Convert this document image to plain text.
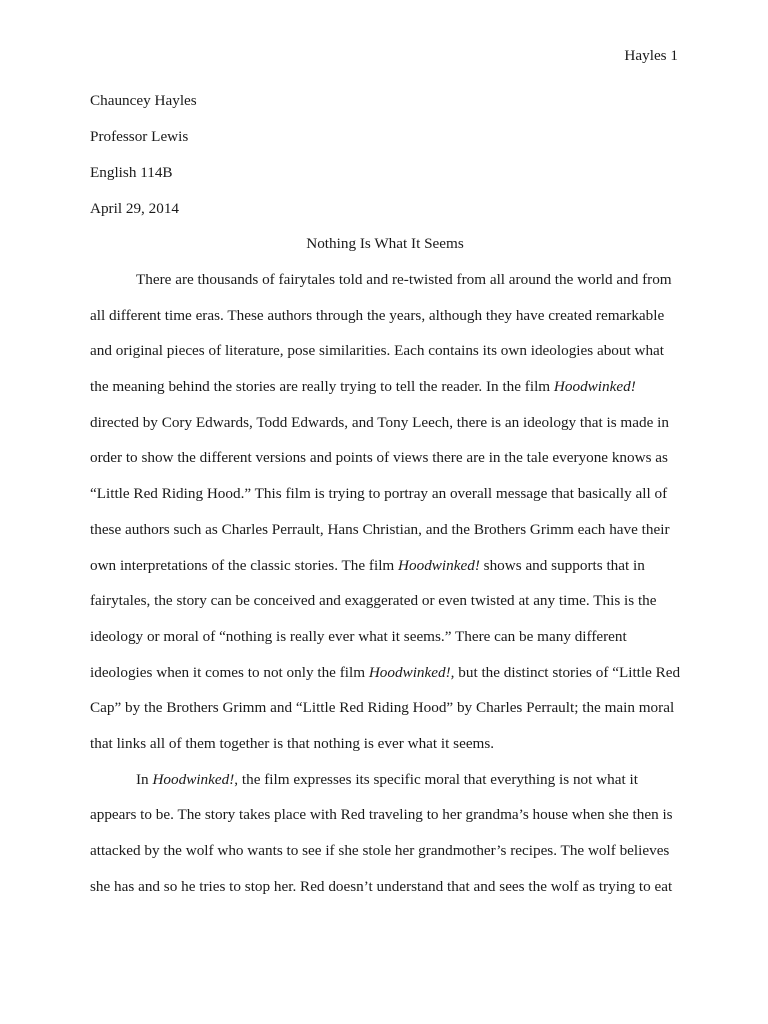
Hayles 1
Chauncey Hayles
Professor Lewis
English 114B
April 29, 2014
Nothing Is What It Seems
There are thousands of fairytales told and re-twisted from all around the world and from
all different time eras. These authors through the years, although they have created remarkable
and original pieces of literature, pose similarities. Each contains its own ideologies about what
the meaning behind the stories are really trying to tell the reader. In the film Hoodwinked!
directed by Cory Edwards, Todd Edwards, and Tony Leech, there is an ideology that is made in
order to show the different versions and points of views there are in the tale everyone knows as
“Little Red Riding Hood.” This film is trying to portray an overall message that basically all of
these authors such as Charles Perrault, Hans Christian, and the Brothers Grimm each have their
own interpretations of the classic stories. The film Hoodwinked! shows and supports that in
fairytales, the story can be conceived and exaggerated or even twisted at any time. This is the
ideology or moral of “nothing is really ever what it seems.” There can be many different
ideologies when it comes to not only the film Hoodwinked!, but the distinct stories of “Little Red
Cap” by the Brothers Grimm and “Little Red Riding Hood” by Charles Perrault; the main moral
that links all of them together is that nothing is ever what it seems.
In Hoodwinked!, the film expresses its specific moral that everything is not what it
appears to be. The story takes place with Red traveling to her grandma’s house when she then is
attacked by the wolf who wants to see if she stole her grandmother’s recipes. The wolf believes
she has and so he tries to stop her. Red doesn’t understand that and sees the wolf as trying to eat
